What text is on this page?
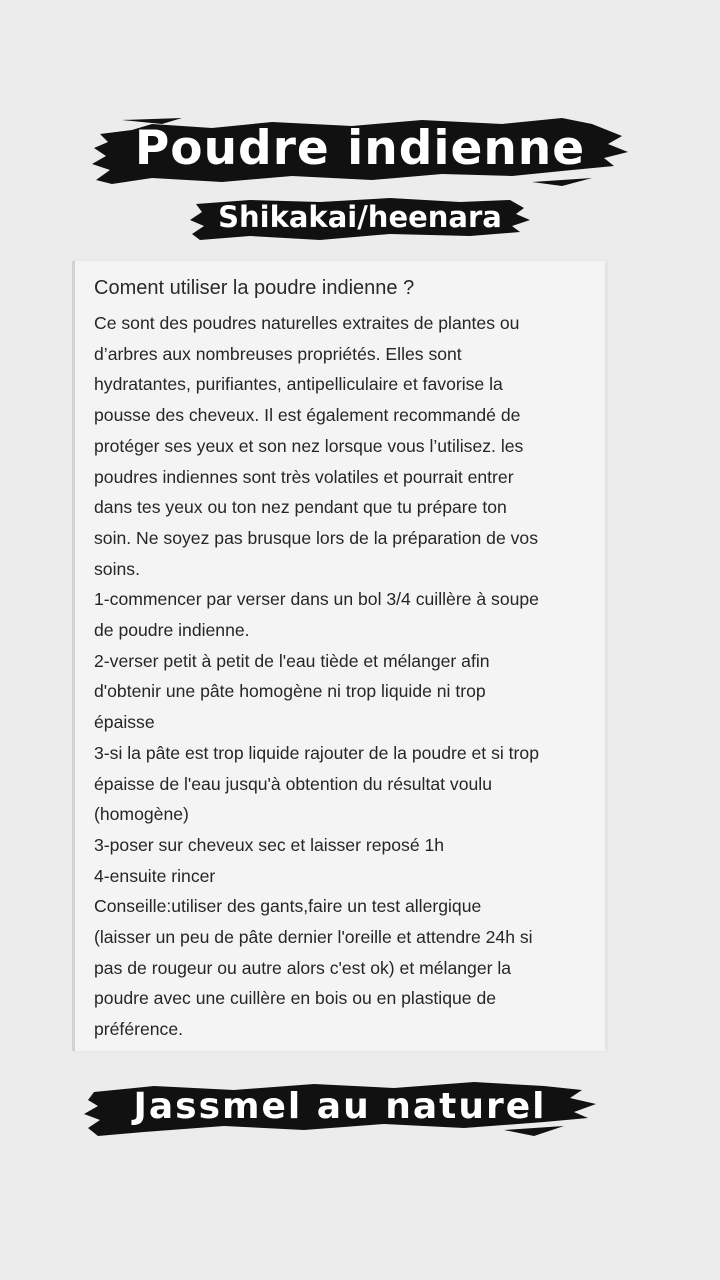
Poudre indienne
Shikakai/heenara
Coment utiliser la poudre indienne ?
Ce sont des poudres naturelles extraites de plantes ou
d’arbres aux nombreuses propriétés. Elles sont
hydratantes, purifiantes, antipelliculaire et favorise la
pousse des cheveux. Il est également recommandé de
protéger ses yeux et son nez lorsque vous l’utilisez. les
poudres indiennes sont très volatiles et pourrait entrer
dans tes yeux ou ton nez pendant que tu prépare ton
soin. Ne soyez pas brusque lors de la préparation de vos
soins.
1-commencer par verser dans un bol 3/4 cuillère à soupe
de poudre indienne.
2-verser petit à petit de l'eau tiède et mélanger afin
d'obtenir une pâte homogène ni trop liquide ni trop
épaisse
3-si la pâte est trop liquide rajouter de la poudre et si trop
épaisse de l'eau jusqu'à obtention du résultat voulu
(homogène)
3-poser sur cheveux sec et laisser reposé 1h
4-ensuite rincer
Conseille:utiliser des gants,faire un test allergique
(laisser un peu de pâte dernier l'oreille et attendre 24h si
pas de rougeur ou autre alors c'est ok) et mélanger la
poudre avec une cuillère en bois ou en plastique de
préférence.
Jassmel au naturel
